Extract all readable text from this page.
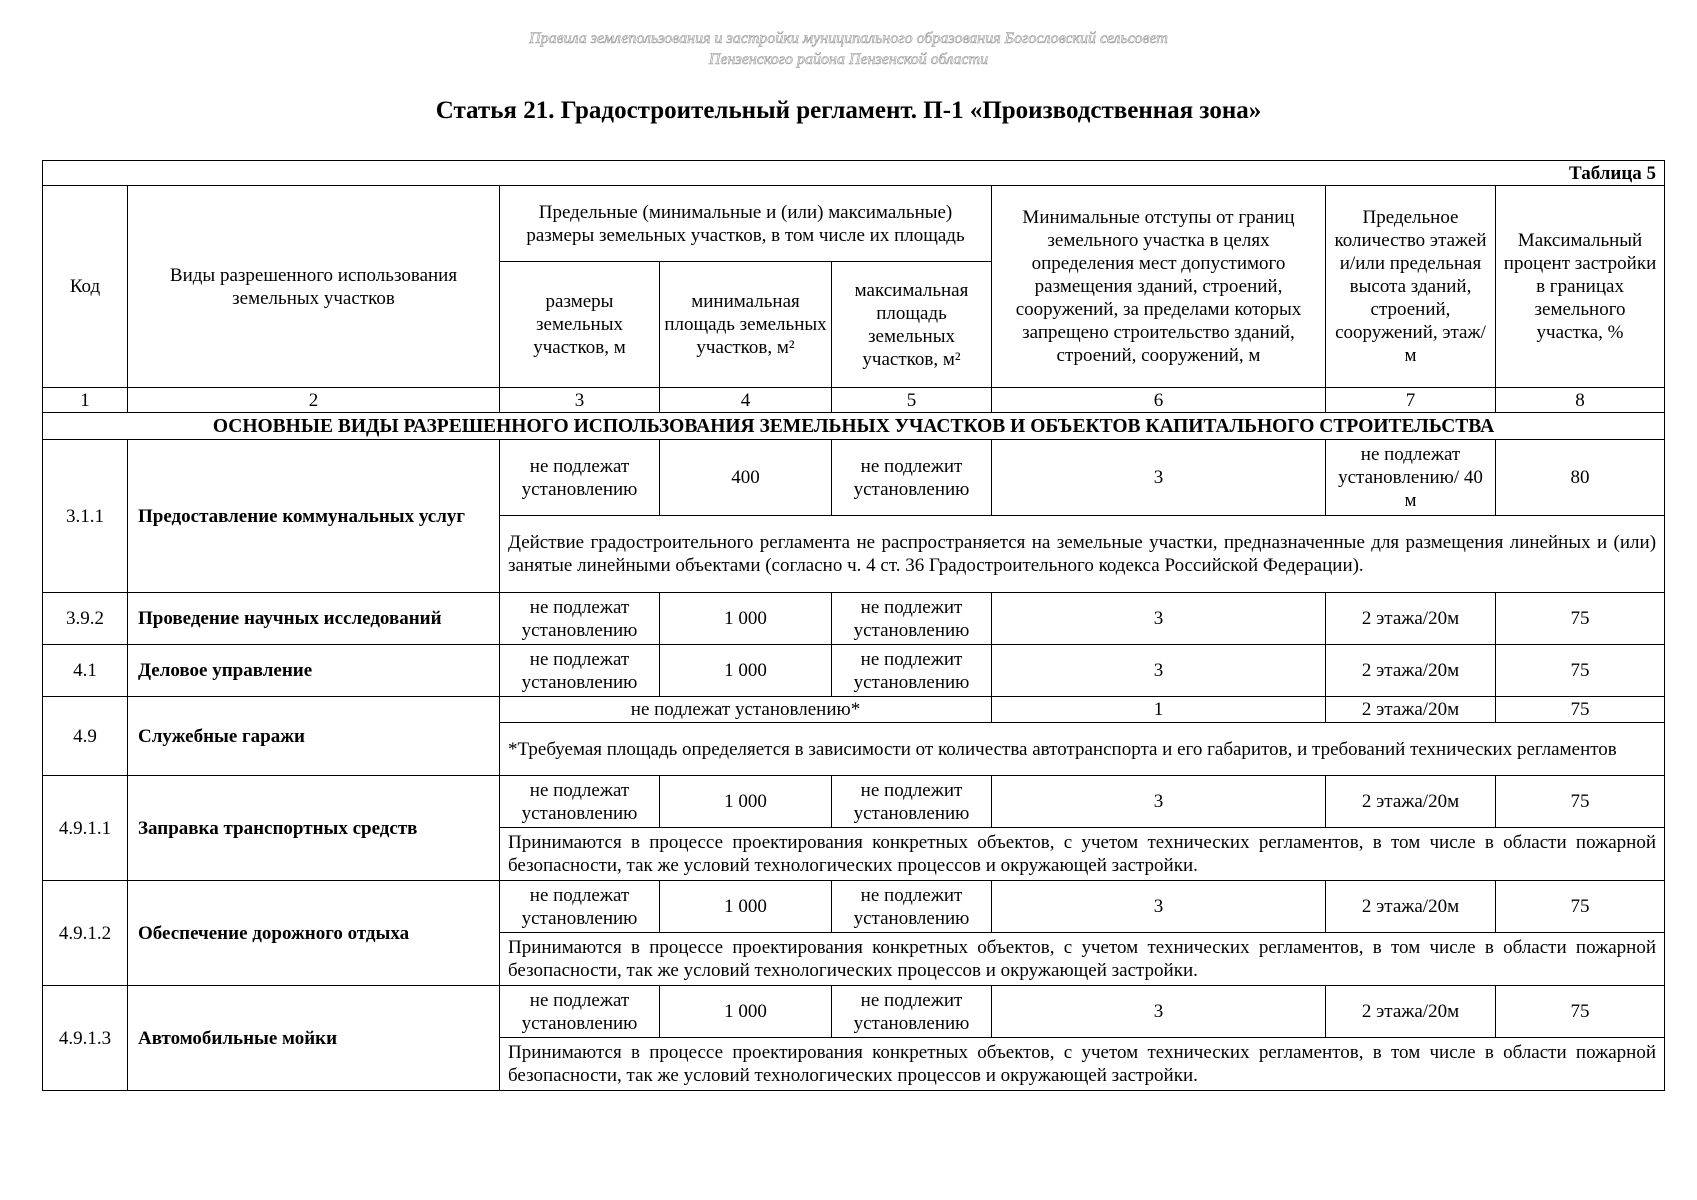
Правила землепользования и застройки муниципального образования Богословский сельсовет
Пензенского района Пензенской области
Статья 21. Градостроительный регламент. П-1 «Производственная зона»
Таблица 5							
Код	Виды разрешенного использования земельных участков	Предельные (минимальные и (или) максимальные) размеры земельных участков, в том числе их площадь			Минимальные отступы от границ земельного участка в целях определения мест допустимого размещения зданий, строений, сооружений, за пределами которых запрещено строительство зданий, строений, сооружений, м	Предельное количество этажей и/или предельная высота зданий, строений, сооружений, этаж/м	Максимальный процент застройки в границах земельного участка, %
		размеры земельных участков, м	минимальная площадь земельных участков, м²	максимальная площадь земельных участков, м²			
1	2	3	4	5	6	7	8
ОСНОВНЫЕ ВИДЫ РАЗРЕШЕННОГО ИСПОЛЬЗОВАНИЯ ЗЕМЕЛЬНЫХ УЧАСТКОВ И ОБЪЕКТОВ КАПИТАЛЬНОГО СТРОИТЕЛЬСТВА							
3.1.1	Предоставление коммунальных услуг	не подлежат установлению	400	не подлежит установлению	3	не подлежат установлению/ 40 м	80
		Действие градостроительного регламента не распространяется на земельные участки, предназначенные для размещения линейных и (или) занятые линейными объектами (согласно ч. 4 ст. 36 Градостроительного кодекса Российской Федерации).					
3.9.2	Проведение научных исследований	не подлежат установлению	1 000	не подлежит установлению	3	2 этажа/20м	75
4.1	Деловое управление	не подлежат установлению	1 000	не подлежит установлению	3	2 этажа/20м	75
4.9	Служебные гаражи	не подлежат установлению*			1	2 этажа/20м	75
		*Требуемая площадь определяется в зависимости от количества автотранспорта и его габаритов, и требований технических регламентов					
4.9.1.1	Заправка транспортных средств	не подлежат установлению	1 000	не подлежит установлению	3	2 этажа/20м	75
		Принимаются в процессе проектирования конкретных объектов, с учетом технических регламентов, в том числе в области пожарной безопасности, так же условий технологических процессов и окружающей застройки.					
4.9.1.2	Обеспечение дорожного отдыха	не подлежат установлению	1 000	не подлежит установлению	3	2 этажа/20м	75
		Принимаются в процессе проектирования конкретных объектов, с учетом технических регламентов, в том числе в области пожарной безопасности, так же условий технологических процессов и окружающей застройки.					
4.9.1.3	Автомобильные мойки	не подлежат установлению	1 000	не подлежит установлению	3	2 этажа/20м	75
		Принимаются в процессе проектирования конкретных объектов, с учетом технических регламентов, в том числе в области пожарной безопасности, так же условий технологических процессов и окружающей застройки.					
